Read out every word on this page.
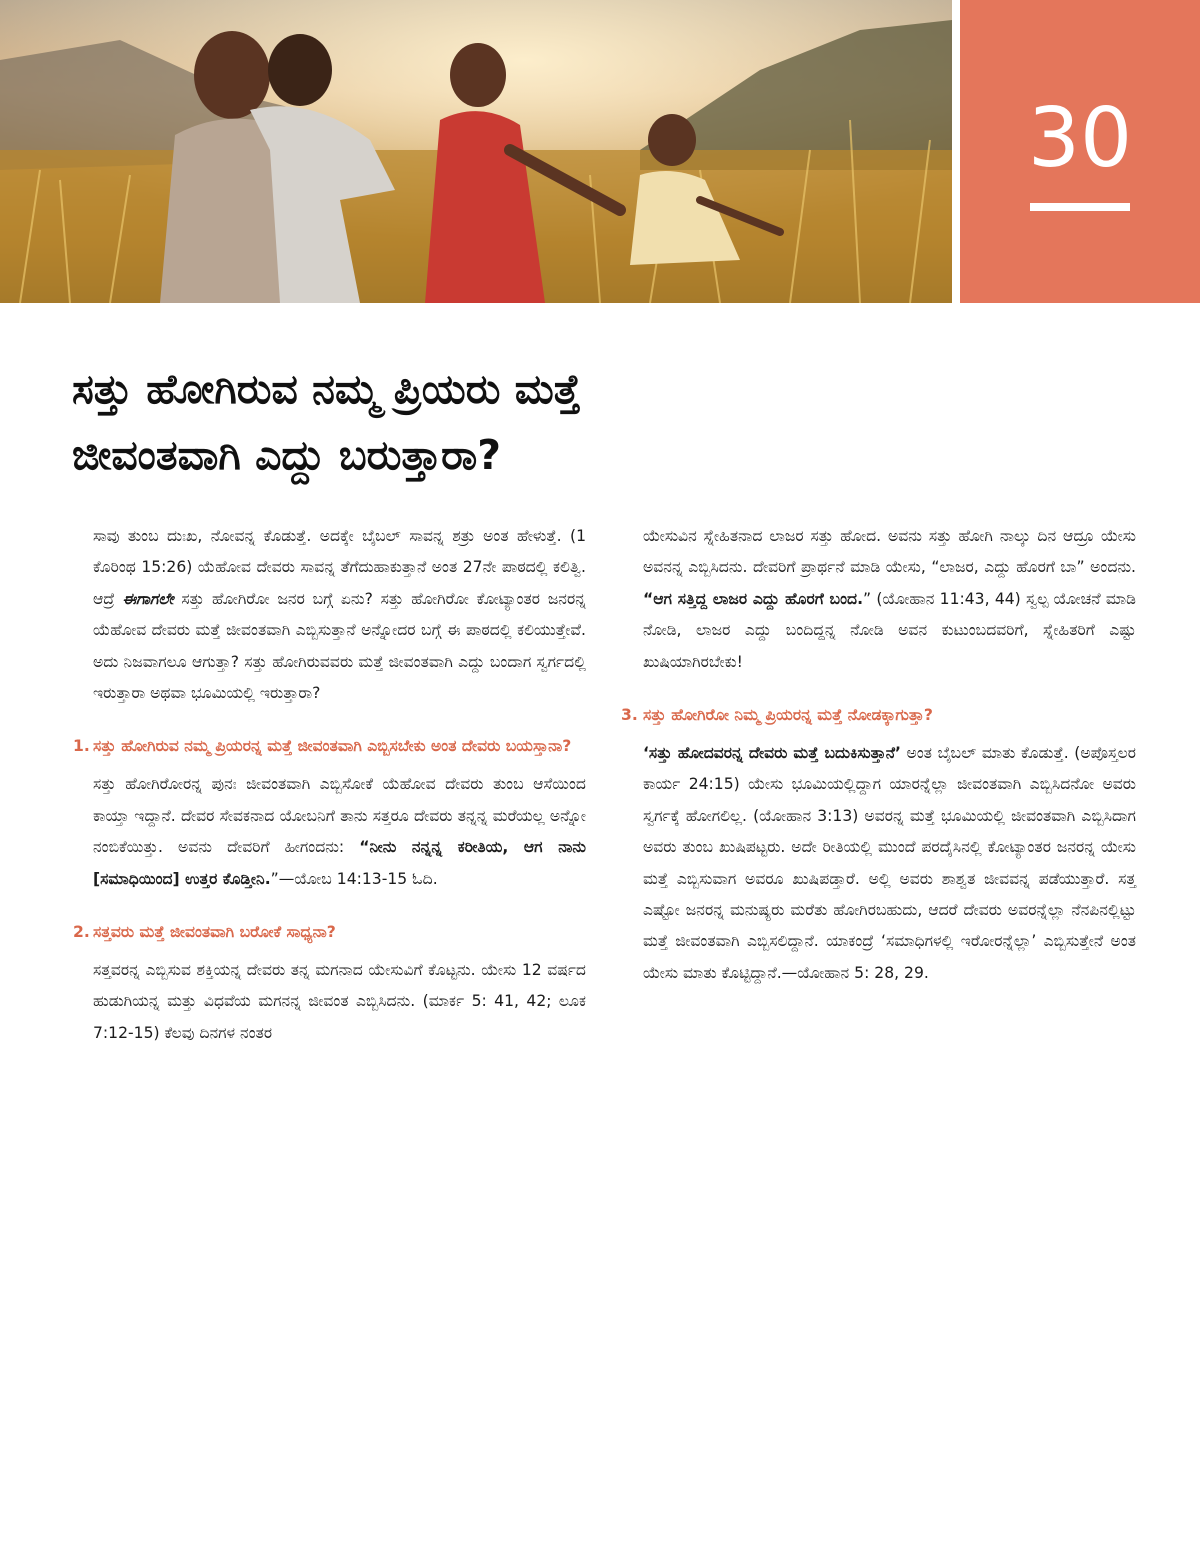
30
ಸತ್ತು ಹೋಗಿರುವ ನಮ್ಮ ಪ್ರಿಯರು ಮತ್ತೆ
ಜೀವಂತವಾಗಿ ಎದ್ದು ಬರುತ್ತಾರಾ?

ಸಾವು ತುಂಬ ದುಃಖ, ನೋವನ್ನ ಕೊಡುತ್ತೆ. ಅದಕ್ಕೇ ಬೈಬಲ್ ಸಾವನ್ನ ಶತ್ರು ಅಂತ ಹೇಳುತ್ತೆ. (1 ಕೊರಿಂಥ 15:26) ಯೆಹೋವ ದೇವರು ಸಾವನ್ನ ತೆಗೆದುಹಾಕುತ್ತಾನೆ ಅಂತ 27ನೇ ಪಾಠದಲ್ಲಿ ಕಲಿತ್ವಿ. ಆದ್ರೆ ಈಗಾಗಲೇ ಸತ್ತು ಹೋಗಿರೋ ಜನರ ಬಗ್ಗೆ ಏನು? ಸತ್ತು ಹೋಗಿರೋ ಕೋಟ್ಯಾಂತರ ಜನರನ್ನ ಯೆಹೋವ ದೇವರು ಮತ್ತೆ ಜೀವಂತವಾಗಿ ಎಬ್ಬಿಸುತ್ತಾನೆ ಅನ್ನೋದರ ಬಗ್ಗೆ ಈ ಪಾಠದಲ್ಲಿ ಕಲಿಯುತ್ತೇವೆ. ಅದು ನಿಜವಾಗಲೂ ಆಗುತ್ತಾ? ಸತ್ತು ಹೋಗಿರುವವರು ಮತ್ತೆ ಜೀವಂತವಾಗಿ ಎದ್ದು ಬಂದಾಗ ಸ್ವರ್ಗದಲ್ಲಿ ಇರುತ್ತಾರಾ ಅಥವಾ ಭೂಮಿಯಲ್ಲಿ ಇರುತ್ತಾರಾ?

1. ಸತ್ತು ಹೋಗಿರುವ ನಮ್ಮ ಪ್ರಿಯರನ್ನ ಮತ್ತೆ ಜೀವಂತವಾಗಿ ಎಬ್ಬಿಸಬೇಕು ಅಂತ ದೇವರು ಬಯಸ್ತಾನಾ?

ಸತ್ತು ಹೋಗಿರೋರನ್ನ ಪುನಃ ಜೀವಂತವಾಗಿ ಎಬ್ಬಿಸೋಕೆ ಯೆಹೋವ ದೇವರು ತುಂಬ ಆಸೆಯಿಂದ ಕಾಯ್ತಾ ಇದ್ದಾನೆ. ದೇವರ ಸೇವಕನಾದ ಯೋಬನಿಗೆ ತಾನು ಸತ್ತರೂ ದೇವರು ತನ್ನನ್ನ ಮರೆಯಲ್ಲ ಅನ್ನೋ ನಂಬಿಕೆಯಿತ್ತು. ಅವನು ದೇವರಿಗೆ ಹೀಗಂದನು: “ನೀನು ನನ್ನನ್ನ ಕರೀತಿಯ, ಆಗ ನಾನು [ಸಮಾಧಿಯಿಂದ] ಉತ್ತರ ಕೊಡ್ತೀನಿ.”—ಯೋಬ 14:13-15 ಓದಿ.

2. ಸತ್ತವರು ಮತ್ತೆ ಜೀವಂತವಾಗಿ ಬರೋಕೆ ಸಾಧ್ಯನಾ?

ಸತ್ತವರನ್ನ ಎಬ್ಬಿಸುವ ಶಕ್ತಿಯನ್ನ ದೇವರು ತನ್ನ ಮಗನಾದ ಯೇಸುವಿಗೆ ಕೊಟ್ಟನು. ಯೇಸು 12 ವರ್ಷದ ಹುಡುಗಿಯನ್ನ ಮತ್ತು ವಿಧವೆಯ ಮಗನನ್ನ ಜೀವಂತ ಎಬ್ಬಿಸಿದನು. (ಮಾರ್ಕ 5: 41, 42; ಲೂಕ 7:12-15) ಕೆಲವು ದಿನಗಳ ನಂತರ

ಯೇಸುವಿನ ಸ್ನೇಹಿತನಾದ ಲಾಜರ ಸತ್ತು ಹೋದ. ಅವನು ಸತ್ತು ಹೋಗಿ ನಾಲ್ಕು ದಿನ ಆದ್ರೂ ಯೇಸು ಅವನನ್ನ ಎಬ್ಬಿಸಿದನು. ದೇವರಿಗೆ ಪ್ರಾರ್ಥನೆ ಮಾಡಿ ಯೇಸು, “ಲಾಜರ, ಎದ್ದು ಹೊರಗೆ ಬಾ” ಅಂದನು. “ಆಗ ಸತ್ತಿದ್ದ ಲಾಜರ ಎದ್ದು ಹೊರಗೆ ಬಂದ.” (ಯೋಹಾನ 11:43, 44) ಸ್ವಲ್ಪ ಯೋಚನೆ ಮಾಡಿ ನೋಡಿ, ಲಾಜರ ಎದ್ದು ಬಂದಿದ್ದನ್ನ ನೋಡಿ ಅವನ ಕುಟುಂಬದವರಿಗೆ, ಸ್ನೇಹಿತರಿಗೆ ಎಷ್ಟು ಖುಷಿಯಾಗಿರಬೇಕು!

3. ಸತ್ತು ಹೋಗಿರೋ ನಿಮ್ಮ ಪ್ರಿಯರನ್ನ ಮತ್ತೆ ನೋಡಕ್ಕಾಗುತ್ತಾ?

‘ಸತ್ತು ಹೋದವರನ್ನ ದೇವರು ಮತ್ತೆ ಬದುಕಿಸುತ್ತಾನೆ’ ಅಂತ ಬೈಬಲ್ ಮಾತು ಕೊಡುತ್ತೆ. (ಅಪೊಸ್ತಲರ ಕಾರ್ಯ 24:15) ಯೇಸು ಭೂಮಿಯಲ್ಲಿದ್ದಾಗ ಯಾರನ್ನೆಲ್ಲಾ ಜೀವಂತವಾಗಿ ಎಬ್ಬಿಸಿದನೋ ಅವರು ಸ್ವರ್ಗಕ್ಕೆ ಹೋಗಲಿಲ್ಲ. (ಯೋಹಾನ 3:13) ಅವರನ್ನ ಮತ್ತೆ ಭೂಮಿಯಲ್ಲಿ ಜೀವಂತವಾಗಿ ಎಬ್ಬಿಸಿದಾಗ ಅವರು ತುಂಬ ಖುಷಿಪಟ್ಟರು. ಅದೇ ರೀತಿಯಲ್ಲಿ ಮುಂದೆ ಪರದೈಸಿನಲ್ಲಿ ಕೋಟ್ಯಾಂತರ ಜನರನ್ನ ಯೇಸು ಮತ್ತೆ ಎಬ್ಬಿಸುವಾಗ ಅವರೂ ಖುಷಿಪಡ್ತಾರೆ. ಅಲ್ಲಿ ಅವರು ಶಾಶ್ವತ ಜೀವವನ್ನ ಪಡೆಯುತ್ತಾರೆ. ಸತ್ತ ಎಷ್ಟೋ ಜನರನ್ನ ಮನುಷ್ಯರು ಮರೆತು ಹೋಗಿರಬಹುದು, ಆದರೆ ದೇವರು ಅವರನ್ನೆಲ್ಲಾ ನೆನಪಿನಲ್ಲಿಟ್ಟು ಮತ್ತೆ ಜೀವಂತವಾಗಿ ಎಬ್ಬಿಸಲಿದ್ದಾನೆ. ಯಾಕಂದ್ರೆ ‘ಸಮಾಧಿಗಳಲ್ಲಿ ಇರೋರನ್ನೆಲ್ಲಾ’ ಎಬ್ಬಿಸುತ್ತೇನೆ ಅಂತ ಯೇಸು ಮಾತು ಕೊಟ್ಟಿದ್ದಾನೆ.—ಯೋಹಾನ 5: 28, 29.
